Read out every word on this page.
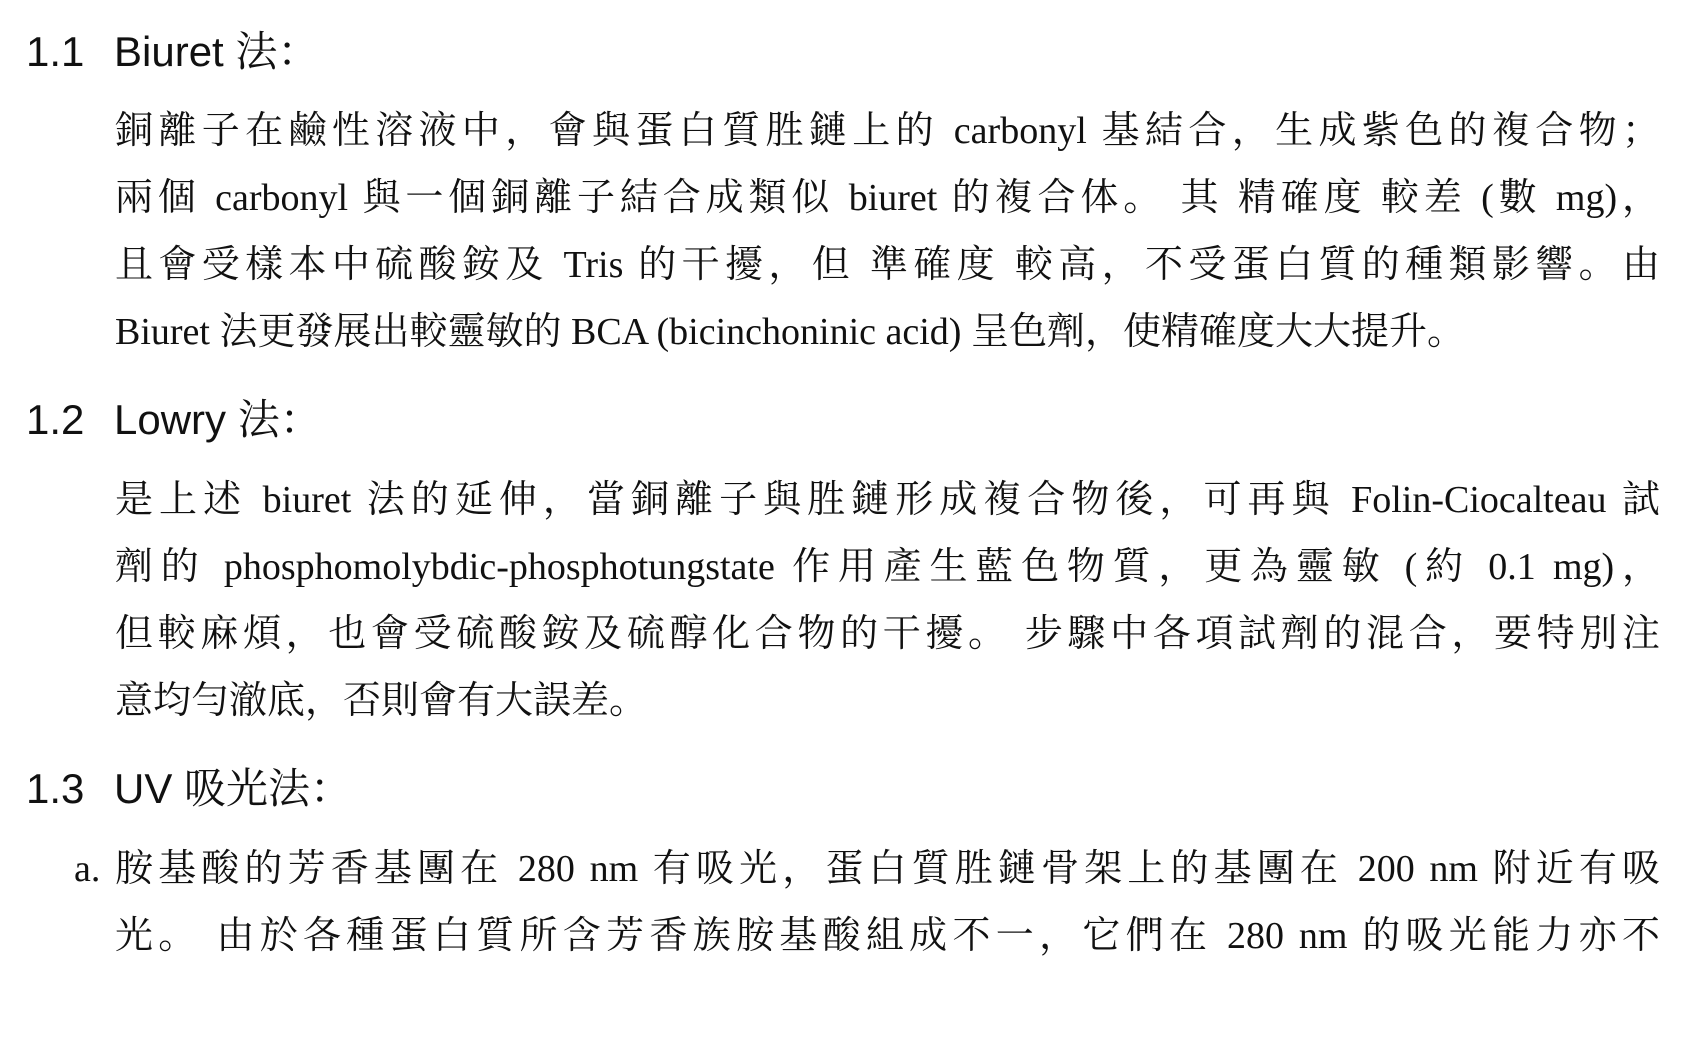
1.1 Biuret 法：
銅離子在鹼性溶液中，會與蛋白質胜鏈上的 carbonyl 基結合，生成紫色的複合物；
兩個 carbonyl 與一個銅離子結合成類似 biuret 的複合体。 其 精確度 較差 (數 mg)，
且會受樣本中硫酸銨及 Tris 的干擾，但 準確度 較高，不受蛋白質的種類影響。由
Biuret 法更發展出較靈敏的 BCA (bicinchoninic acid) 呈色劑，使精確度大大提升。
1.2 Lowry 法：
是上述 biuret 法的延伸，當銅離子與胜鏈形成複合物後，可再與 Folin-Ciocalteau 試
劑的 phosphomolybdic-phosphotungstate 作用產生藍色物質，更為靈敏 (約 0.1 mg)，
但較麻煩，也會受硫酸銨及硫醇化合物的干擾。 步驟中各項試劑的混合，要特別注
意均勻澈底，否則會有大誤差。
1.3 UV 吸光法：
a. 胺基酸的芳香基團在 280 nm 有吸光，蛋白質胜鏈骨架上的基團在 200 nm 附近有吸
光。 由於各種蛋白質所含芳香族胺基酸組成不一，它們在 280 nm 的吸光能力亦不
